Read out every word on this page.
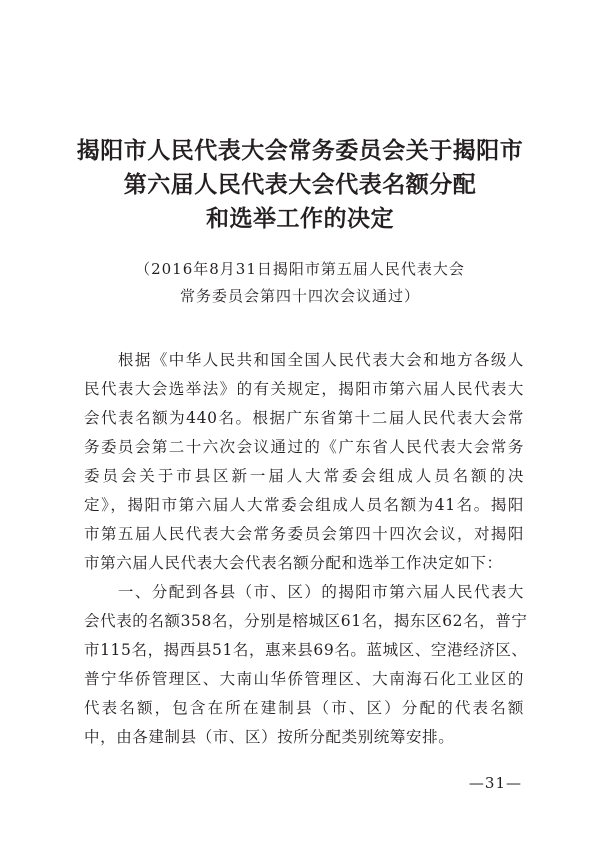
揭阳市人民代表大会常务委员会关于揭阳市
第六届人民代表大会代表名额分配
和选举工作的决定
（2016年8月31日揭阳市第五届人民代表大会
常务委员会第四十四次会议通过）
　　根据《中华人民共和国全国人民代表大会和地方各级人
民代表大会选举法》的有关规定，揭阳市第六届人民代表大
会代表名额为440名。根据广东省第十二届人民代表大会常
务委员会第二十六次会议通过的《广东省人民代表大会常务
委员会关于市县区新一届人大常委会组成人员名额的决
定》，揭阳市第六届人大常委会组成人员名额为41名。揭阳
市第五届人民代表大会常务委员会第四十四次会议，对揭阳
市第六届人民代表大会代表名额分配和选举工作决定如下：
　　一、分配到各县（市、区）的揭阳市第六届人民代表大
会代表的名额358名，分别是榕城区61名，揭东区62名，普宁
市115名，揭西县51名，惠来县69名。蓝城区、空港经济区、
普宁华侨管理区、大南山华侨管理区、大南海石化工业区的
代表名额，包含在所在建制县（市、区）分配的代表名额
中，由各建制县（市、区）按所分配类别统筹安排。
—31—
